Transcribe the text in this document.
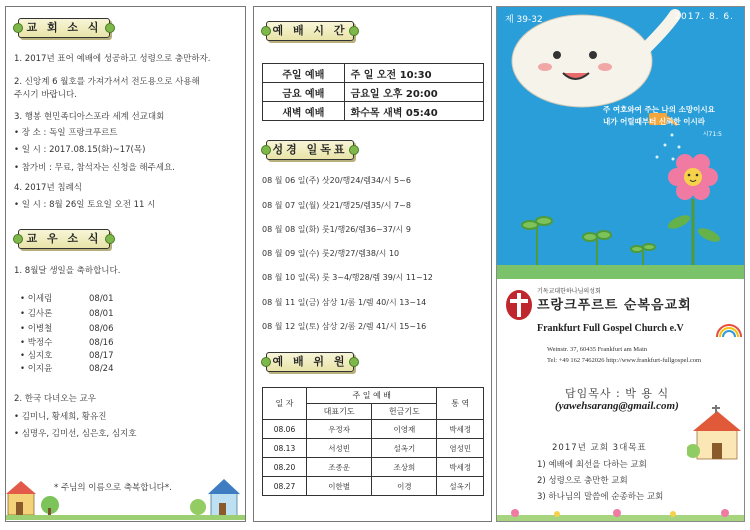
교 회 소 식
1. 2017년 표어 예배에 성공하고 성령으로 충만하자.
2. 신앙계 6 월호를 가져가셔서 전도용으로 사용해
주시기 바랍니다.
3. 행봉 현민족디아스포라 세계 선교대회
• 장 소 : 독일 프랑크푸르트
• 일 시 : 2017.08.15(화)~17(목)
• 참가비 : 무료, 참석자는 신청을 해주세요.
4. 2017년 침례식
• 일 시 : 8월 26일 토요일 오전 11 시
교 우 소 식
1. 8월달 생일을 축하합니다.
• 이세림	08/01
• 김사론	08/01
• 이병철	08/06
• 박정수	08/16
• 심지호	08/17
• 이지윤	08/24
2. 한국 다녀오는 교우
• 김미니, 황세희, 황유진
• 심명우, 김미선, 심은호, 심지호
* 주님의 이름으로 축복합니다*.
예 배 시 간
주일 예배	주 일 오전 10:30
금요 예배	금요일 오후 20:00
새벽 예배	화수목 새벽 05:40
성경 일독표
08 월 06 일(주) 삿20/행24/렘34/시 5~6
08 월 07 일(월) 삿21/행25/렘35/시 7~8
08 월 08 일(화) 룻1/행26/렘36~37/시 9
08 월 09 일(수) 룻2/행27/렘38/시 10
08 월 10 일(목) 룻 3~4/행28/렘 39/시 11~12
08 월 11 일(금) 삼상 1/롬 1/렘 40/시 13~14
08 월 12 일(토) 삼상 2/롬 2/렘 41/시 15~16
예 배 위 원
일 자	주 일 예 배		통 역
	대표기도	헌금기도	
08.06	우정자	이영재	박세정
08.13	서성빈	설옥기	염성민
08.20	조종운	조상희	박세정
08.27	이한별	이경	설옥기
제 39-32	2017. 8. 6.
주 여호와여 주는 나의 소망이시요
내가 어릴때부터 신뢰한 이시라
시71:5
기독교대한하나님의성회
프랑크푸르트 순복음교회
Frankfurt Full Gospel Church e.V
Weinstr. 37, 60435 Frankfurt am Main
Tel: +49 162 7462026 http://www.frankfurt-fullgospel.com
담임목사 : 박 용 식
(yawehsarang@gmail.com)
2017년 교회 3대목표
1) 예배에 최선을 다하는 교회
2) 성령으로 충만한 교회
3) 하나님의 말씀에 순종하는 교회
